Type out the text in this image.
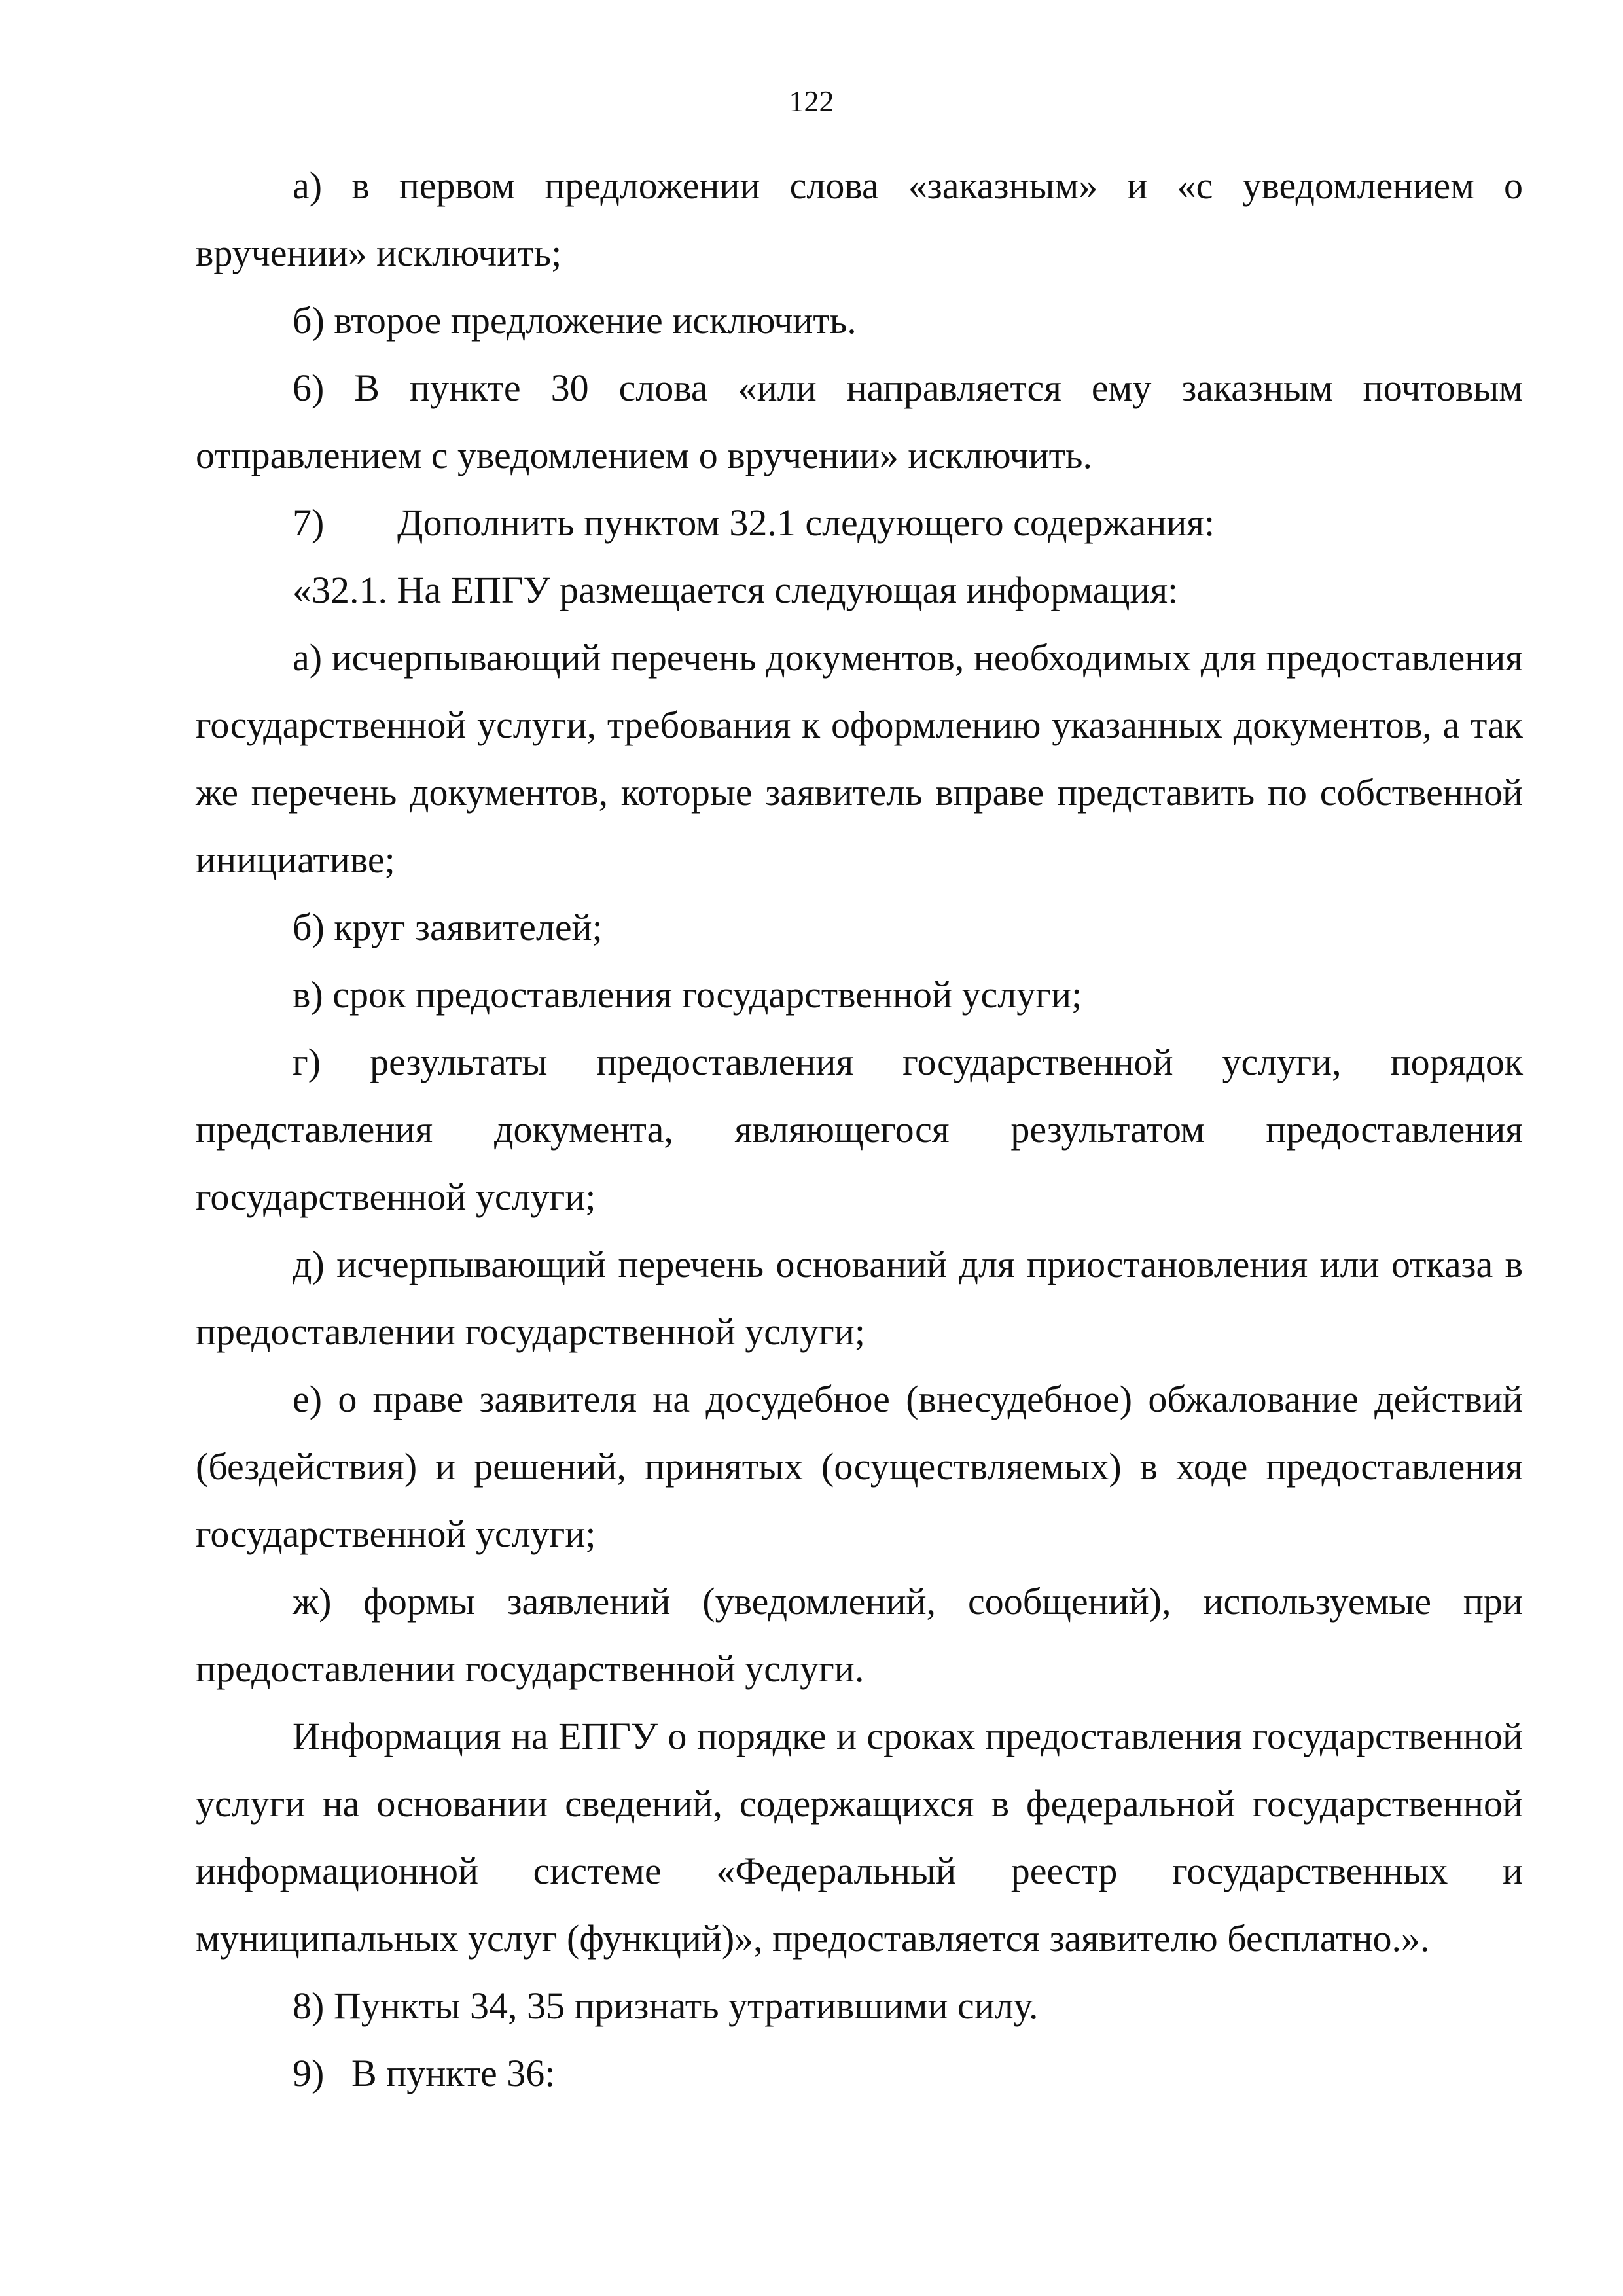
122

а) в первом предложении слова «заказным» и «с уведомлением о вручении» исключить;

б) второе предложение исключить.

6) В пункте 30 слова «или направляется ему заказным почтовым отправлением с уведомлением о вручении» исключить.

7)	Дополнить пунктом 32.1 следующего содержания:

«32.1. На ЕПГУ размещается следующая информация:

а) исчерпывающий перечень документов, необходимых для предоставления государственной услуги, требования к оформлению указанных документов, а так же перечень документов, которые заявитель вправе представить по собственной инициативе;

б) круг заявителей;

в) срок предоставления государственной услуги;

г) результаты предоставления государственной услуги, порядок представления документа, являющегося результатом предоставления государственной услуги;

д) исчерпывающий перечень оснований для приостановления или отказа в предоставлении государственной услуги;

е) о праве заявителя на досудебное (внесудебное) обжалование действий (бездействия) и решений, принятых (осуществляемых) в ходе предоставления государственной услуги;

ж) формы заявлений (уведомлений, сообщений), используемые при предоставлении государственной услуги.

Информация на ЕПГУ о порядке и сроках предоставления государственной услуги на основании сведений, содержащихся в федеральной государственной информационной системе «Федеральный реестр государственных и муниципальных услуг (функций)», предоставляется заявителю бесплатно.».

8) Пункты 34, 35 признать утратившими силу.

9) В пункте 36:
